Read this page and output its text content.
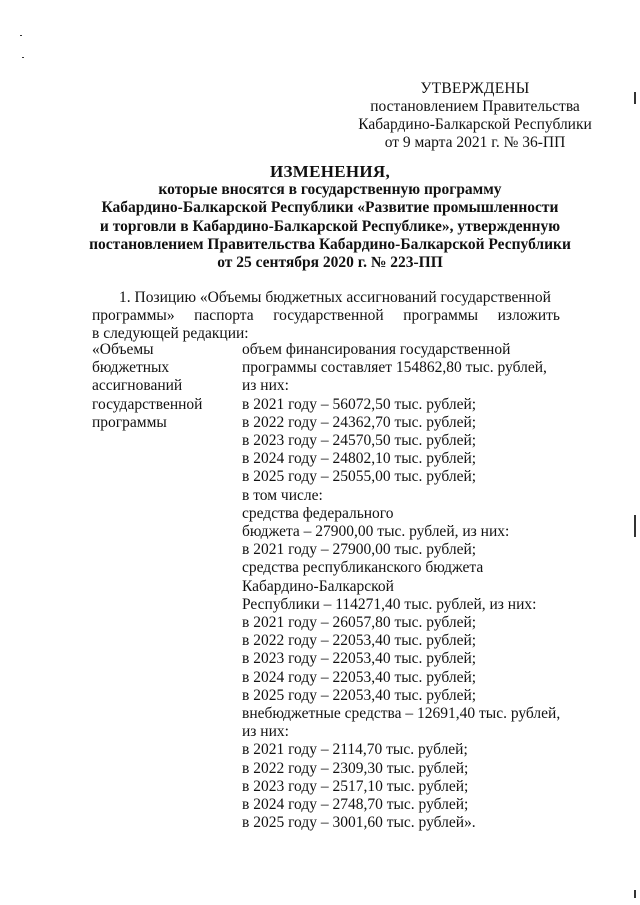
УТВЕРЖДЕНЫ
постановлением Правительства
Кабардино-Балкарской Республики
от 9 марта 2021 г. № 36-ПП
ИЗМЕНЕНИЯ,
которые вносятся в государственную программу
Кабардино-Балкарской Республики «Развитие промышленности
и торговли в Кабардино-Балкарской Республике», утвержденную
постановлением Правительства Кабардино-Балкарской Республики
от 25 сентября 2020 г. № 223-ПП
1. Позицию «Объемы бюджетных ассигнований государственной
программы» паспорта государственной программы изложить
в следующей редакции:
«Объемы
бюджетных
ассигнований
государственной
программы
объем финансирования государственной
программы составляет 154862,80 тыс. рублей,
из них:
в 2021 году – 56072,50 тыс. рублей;
в 2022 году – 24362,70 тыс. рублей;
в 2023 году – 24570,50 тыс. рублей;
в 2024 году – 24802,10 тыс. рублей;
в 2025 году – 25055,00 тыс. рублей;
в том числе:
средства федерального
бюджета – 27900,00 тыс. рублей, из них:
в 2021 году – 27900,00 тыс. рублей;
средства республиканского бюджета
Кабардино-Балкарской
Республики – 114271,40 тыс. рублей, из них:
в 2021 году – 26057,80 тыс. рублей;
в 2022 году – 22053,40 тыс. рублей;
в 2023 году – 22053,40 тыс. рублей;
в 2024 году – 22053,40 тыс. рублей;
в 2025 году – 22053,40 тыс. рублей;
внебюджетные средства – 12691,40 тыс. рублей,
из них:
в 2021 году – 2114,70 тыс. рублей;
в 2022 году – 2309,30 тыс. рублей;
в 2023 году – 2517,10 тыс. рублей;
в 2024 году – 2748,70 тыс. рублей;
в 2025 году – 3001,60 тыс. рублей».
